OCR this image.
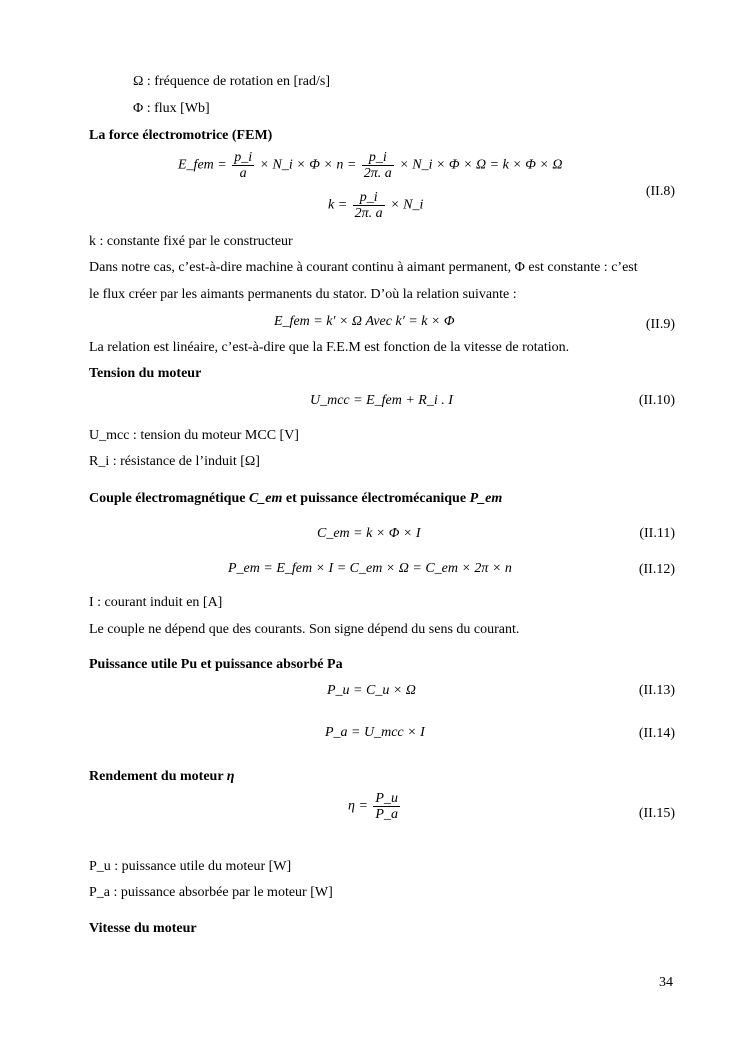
Ω : fréquence de rotation en [rad/s]
Φ : flux [Wb]
La force électromotrice (FEM)
E_fem = $\frac{p\_i}{a}$ × N_i × $\Phi \times n = \frac{p\_i}{2\pi. a}$ × N_i × Φ × Ω = k × Φ × Ω
(II.8)
$k = \frac{p\_i}{2\pi. a}$ × N_i
k : constante fixé par le constructeur
Dans notre cas, c’est-à-dire machine à courant continu à aimant permanent, Φ est constante : c’est
le flux créer par les aimants permanents du stator. D’où la relation suivante :
E_fem = k′ × Ω Avec k′ = k × Φ	(II.9)
La relation est linéaire, c’est-à-dire que la F.E.M est fonction de la vitesse de rotation.
Tension du moteur
U_mcc = E_fem + R_i . I	(II.10)
U_mcc : tension du moteur MCC [V]
R_i : résistance de l’induit [Ω]
Couple électromagnétique C_em et puissance électromécanique P_em
C_em = k × Φ × I	(II.11)
P_em = E_fem × I = C_em × Ω = C_em × 2π × n	(II.12)
I : courant induit en [A]
Le couple ne dépend que des courants. Son signe dépend du sens du courant.
Puissance utile Pu et puissance absorbé Pa
P_u = C_u × Ω	(II.13)
P_a = U_mcc × I	(II.14)
Rendement du moteur η
$\eta = \frac{P\_u}{P\_a}$	(II.15)
P_u : puissance utile du moteur [W]
P_a : puissance absorbée par le moteur [W]
Vitesse du moteur
34
